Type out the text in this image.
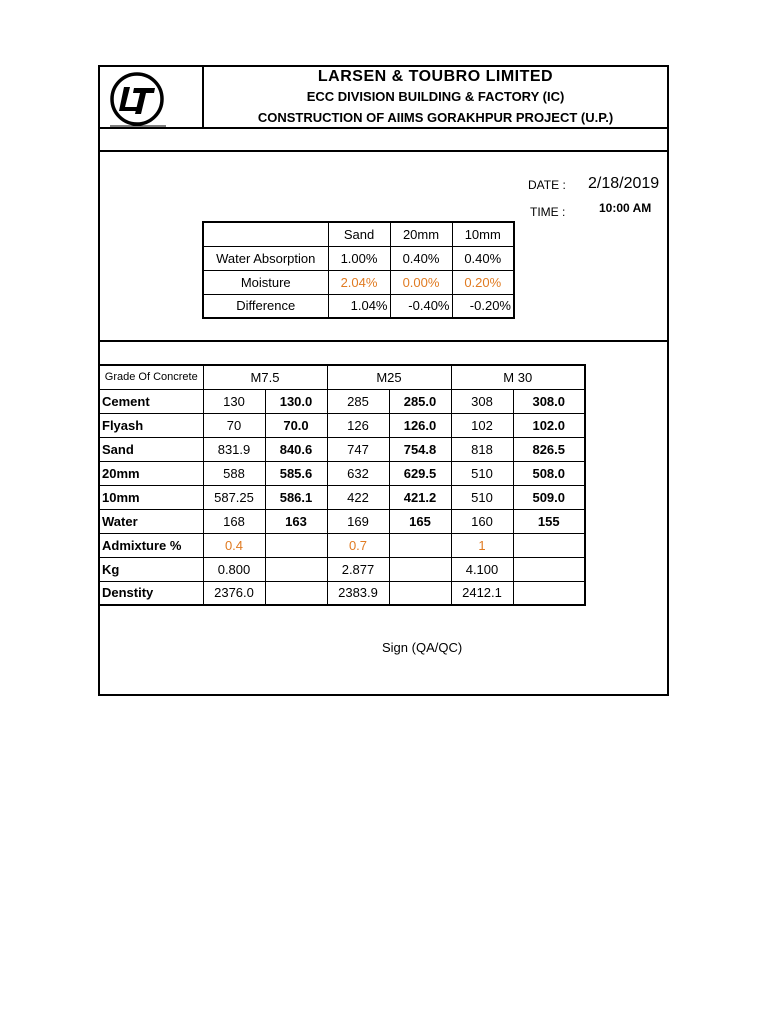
LARSEN & TOUBRO LIMITED
ECC DIVISION BUILDING & FACTORY (IC)
CONSTRUCTION OF AIIMS GORAKHPUR PROJECT (U.P.)
DATE : 2/18/2019
TIME :	10:00 AM
	Sand	20mm	10mm
Water Absorption	1.00%	0.40%	0.40%
Moisture	2.04%	0.00%	0.20%
Difference	1.04%	-0.40%	-0.20%
Grade Of Concrete	M7.5		M25		M 30	
Cement	130	130.0	285	285.0	308	308.0
Flyash	70	70.0	126	126.0	102	102.0
Sand	831.9	840.6	747	754.8	818	826.5
20mm	588	585.6	632	629.5	510	508.0
10mm	587.25	586.1	422	421.2	510	509.0
Water	168	163	169	165	160	155
Admixture %	0.4		0.7		1	
Kg	0.800		2.877		4.100	
Denstity	2376.0		2383.9		2412.1	
Sign (QA/QC)
